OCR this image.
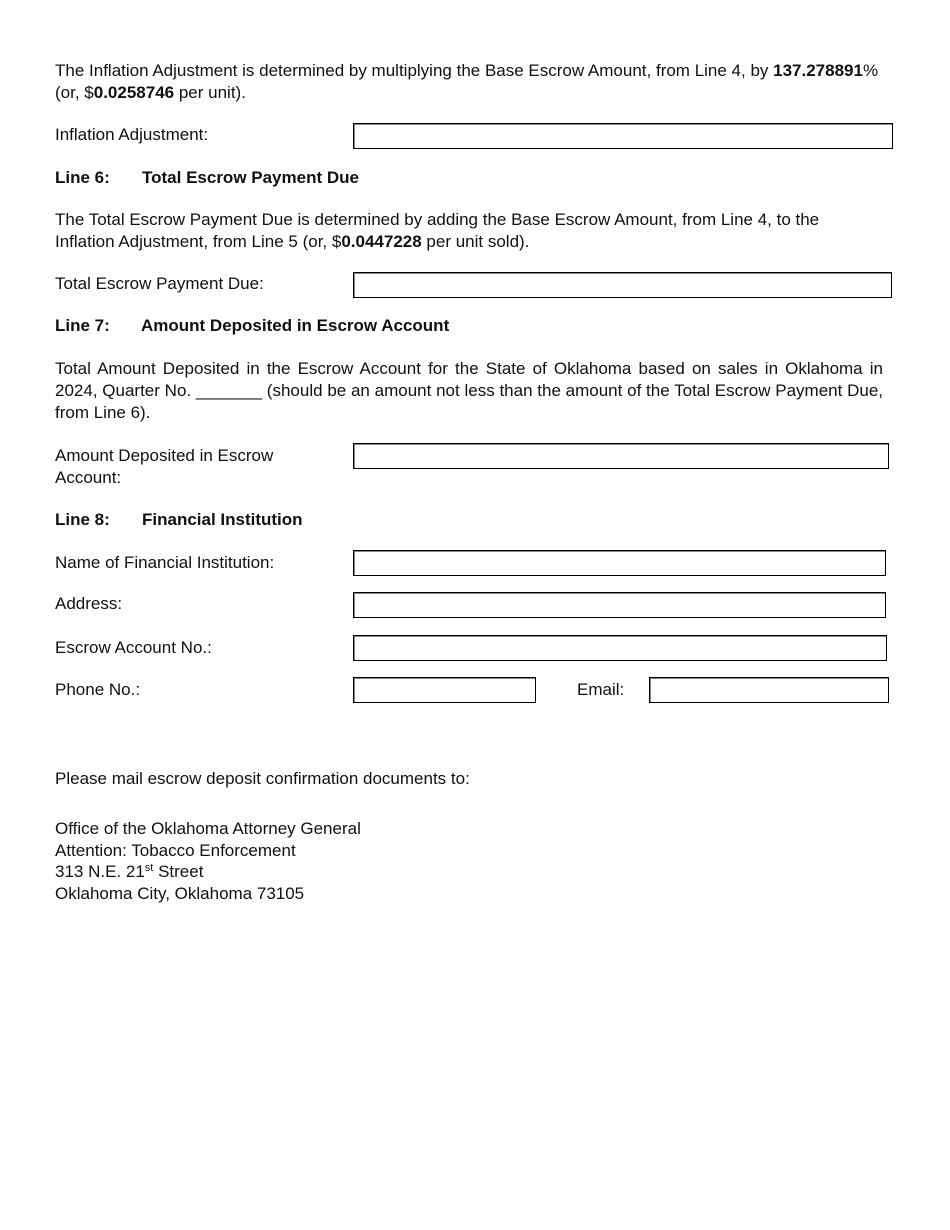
The Inflation Adjustment is determined by multiplying the Base Escrow Amount, from Line 4, by 137.278891% (or, $0.0258746 per unit).
Inflation Adjustment:
Line 6: Total Escrow Payment Due
The Total Escrow Payment Due is determined by adding the Base Escrow Amount, from Line 4, to the Inflation Adjustment, from Line 5 (or, $0.0447228 per unit sold).
Total Escrow Payment Due:
Line 7: Amount Deposited in Escrow Account
Total Amount Deposited in the Escrow Account for the State of Oklahoma based on sales in Oklahoma in 2024, Quarter No. _______ (should be an amount not less than the amount of the Total Escrow Payment Due, from Line 6).
Amount Deposited in Escrow
Account:
Line 8: Financial Institution
Name of Financial Institution:
Address:
Escrow Account No.:
Phone No.:	Email:
Please mail escrow deposit confirmation documents to:
Office of the Oklahoma Attorney General
Attention: Tobacco Enforcement
313 N.E. 21st Street
Oklahoma City, Oklahoma 73105
